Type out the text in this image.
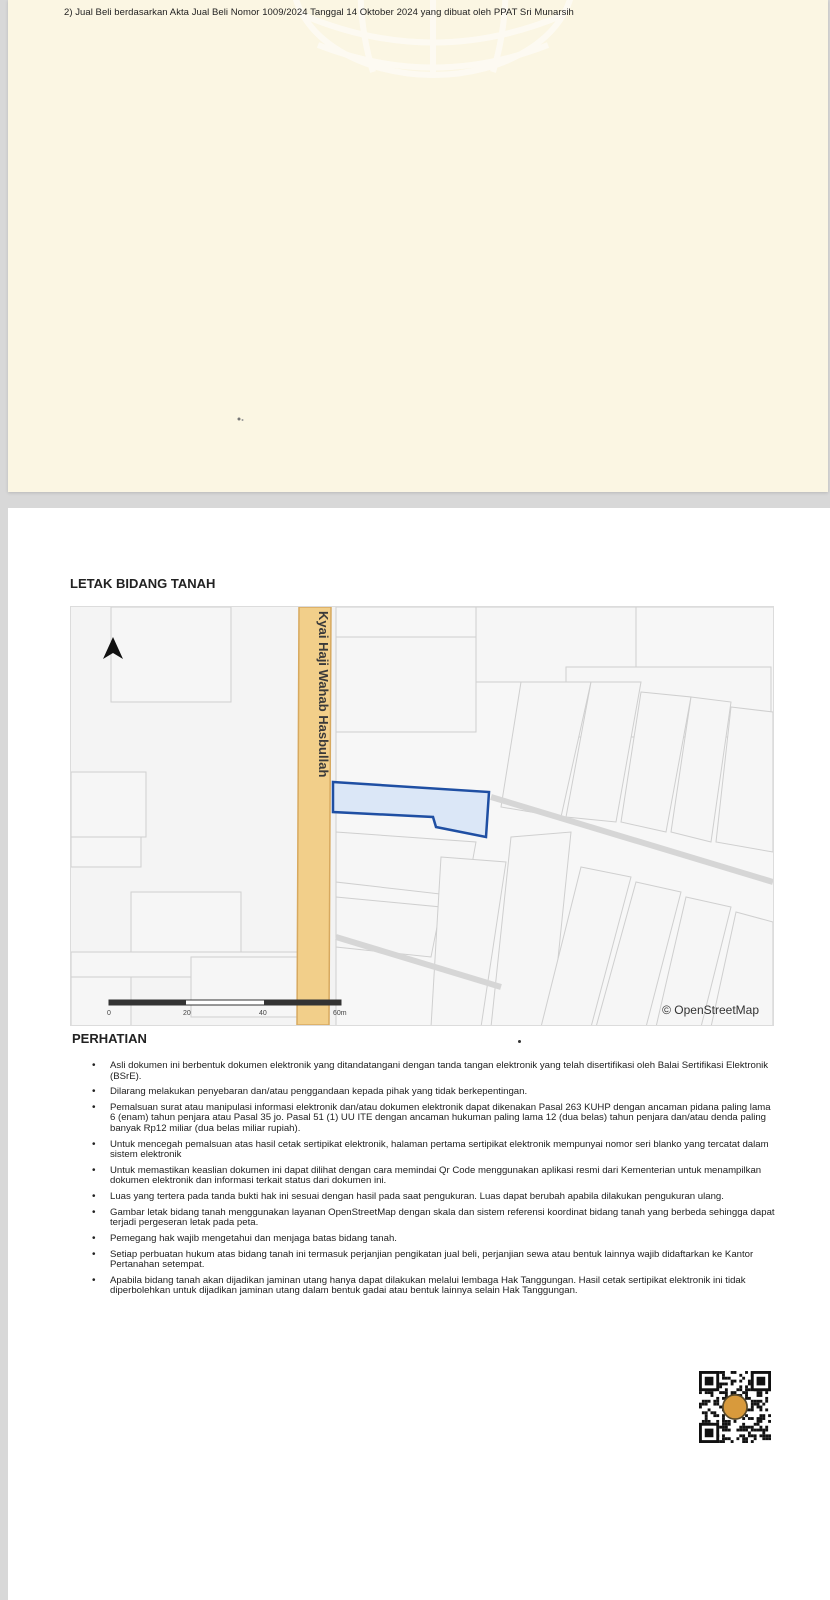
2) Jual Beli berdasarkan Akta Jual Beli Nomor 1009/2024 Tanggal 14 Oktober 2024 yang dibuat oleh PPAT Sri Munarsih
LETAK BIDANG TANAH
Kyai Haji Wahab Hasbullah
0	20	40	60m	© OpenStreetMap
PERHATIAN
• Asli dokumen ini berbentuk dokumen elektronik yang ditandatangani dengan tanda tangan elektronik yang telah disertifikasi oleh Balai Sertifikasi Elektronik (BSrE).
• Dilarang melakukan penyebaran dan/atau penggandaan kepada pihak yang tidak berkepentingan.
• Pemalsuan surat atau manipulasi informasi elektronik dan/atau dokumen elektronik dapat dikenakan Pasal 263 KUHP dengan ancaman pidana paling lama 6 (enam) tahun penjara atau Pasal 35 jo. Pasal 51 (1) UU ITE dengan ancaman hukuman paling lama 12 (dua belas) tahun penjara dan/atau denda paling banyak Rp12 miliar (dua belas miliar rupiah).
• Untuk mencegah pemalsuan atas hasil cetak sertipikat elektronik, halaman pertama sertipikat elektronik mempunyai nomor seri blanko yang tercatat dalam sistem elektronik
• Untuk memastikan keaslian dokumen ini dapat dilihat dengan cara memindai Qr Code menggunakan aplikasi resmi dari Kementerian untuk menampilkan dokumen elektronik dan informasi terkait status dari dokumen ini.
• Luas yang tertera pada tanda bukti hak ini sesuai dengan hasil pada saat pengukuran. Luas dapat berubah apabila dilakukan pengukuran ulang.
• Gambar letak bidang tanah menggunakan layanan OpenStreetMap dengan skala dan sistem referensi koordinat bidang tanah yang berbeda sehingga dapat terjadi pergeseran letak pada peta.
• Pemegang hak wajib mengetahui dan menjaga batas bidang tanah.
• Setiap perbuatan hukum atas bidang tanah ini termasuk perjanjian pengikatan jual beli, perjanjian sewa atau bentuk lainnya wajib didaftarkan ke Kantor Pertanahan setempat.
• Apabila bidang tanah akan dijadikan jaminan utang hanya dapat dilakukan melalui lembaga Hak Tanggungan. Hasil cetak sertipikat elektronik ini tidak diperbolehkan untuk dijadikan jaminan utang dalam bentuk gadai atau bentuk lainnya selain Hak Tanggungan.
